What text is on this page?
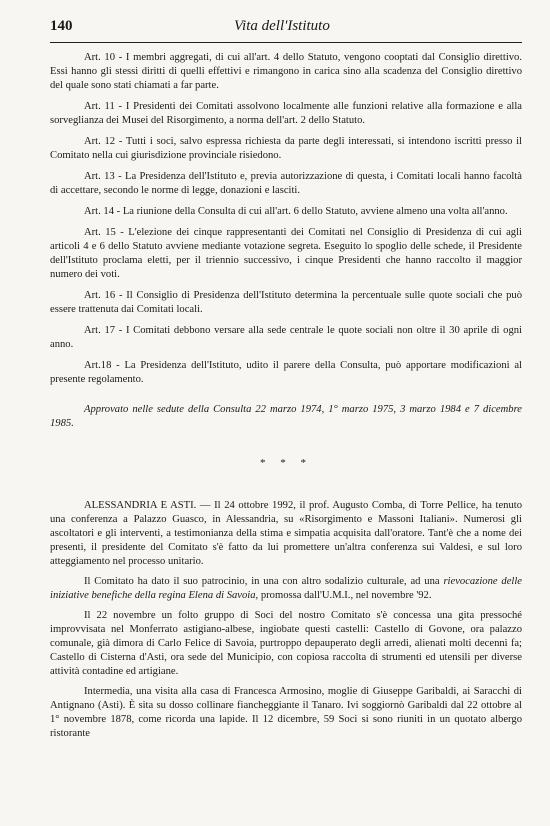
140	Vita dell'Istituto

Art. 10 - I membri aggregati, di cui all'art. 4 dello Statuto, vengono cooptati dal Consiglio direttivo. Essi hanno gli stessi diritti di quelli effettivi e rimangono in carica sino alla scadenza del Consiglio direttivo del quale sono stati chiamati a far parte.

Art. 11 - I Presidenti dei Comitati assolvono localmente alle funzioni relative alla formazione e alla sorveglianza dei Musei del Risorgimento, a norma dell'art. 2 dello Statuto.

Art. 12 - Tutti i soci, salvo espressa richiesta da parte degli interessati, si intendono iscritti presso il Comitato nella cui giurisdizione provinciale risiedono.

Art. 13 - La Presidenza dell'Istituto e, previa autorizzazione di questa, i Comitati locali hanno facoltà di accettare, secondo le norme di legge, donazioni e lasciti.

Art. 14 - La riunione della Consulta di cui all'art. 6 dello Statuto, avviene almeno una volta all'anno.

Art. 15 - L'elezione dei cinque rappresentanti dei Comitati nel Consiglio di Presidenza di cui agli articoli 4 e 6 dello Statuto avviene mediante votazione segreta. Eseguito lo spoglio delle schede, il Presidente dell'Istituto proclama eletti, per il triennio successivo, i cinque Presidenti che hanno raccolto il maggior numero dei voti.

Art. 16 - Il Consiglio di Presidenza dell'Istituto determina la percentuale sulle quote sociali che può essere trattenuta dai Comitati locali.

Art. 17 - I Comitati debbono versare alla sede centrale le quote sociali non oltre il 30 aprile di ogni anno.

Art.18 - La Presidenza dell'Istituto, udito il parere della Consulta, può apportare modificazioni al presente regolamento.

Approvato nelle sedute della Consulta 22 marzo 1974, 1° marzo 1975, 3 marzo 1984 e 7 dicembre 1985.

* * *

ALESSANDRIA E ASTI. — Il 24 ottobre 1992, il prof. Augusto Comba, di Torre Pellice, ha tenuto una conferenza a Palazzo Guasco, in Alessandria, su «Risorgimento e Massoni Italiani». Numerosi gli ascoltatori e gli interventi, a testimonianza della stima e simpatia acquisita dall'oratore. Tant'è che a nome dei presenti, il presidente del Comitato s'è fatto da lui promettere un'altra conferenza sui Valdesi, e sul loro atteggiamento nel processo unitario.

Il Comitato ha dato il suo patrocinio, in una con altro sodalizio culturale, ad una rievocazione delle iniziative benefiche della regina Elena di Savoia, promossa dall'U.M.I., nel novembre '92.

Il 22 novembre un folto gruppo di Soci del nostro Comitato s'è concessa una gita pressoché improvvisata nel Monferrato astigiano-albese, ingiobate questi castelli: Castello di Govone, ora palazzo comunale, già dimora di Carlo Felice di Savoia, purtroppo depauperato degli arredi, alienati molti decenni fa; Castello di Cisterna d'Asti, ora sede del Municipio, con copiosa raccolta di strumenti ed utensili per diverse attività contadine ed artigiane.

Intermedia, una visita alla casa di Francesca Armosino, moglie di Giuseppe Garibaldi, ai Saracchi di Antignano (Asti). È sita su dosso collinare fiancheggiante il Tanaro. Ivi soggiornò Garibaldi dal 22 ottobre al 1° novembre 1878, come ricorda una lapide. Il 12 dicembre, 59 Soci si sono riuniti in un quotato albergo ristorante
